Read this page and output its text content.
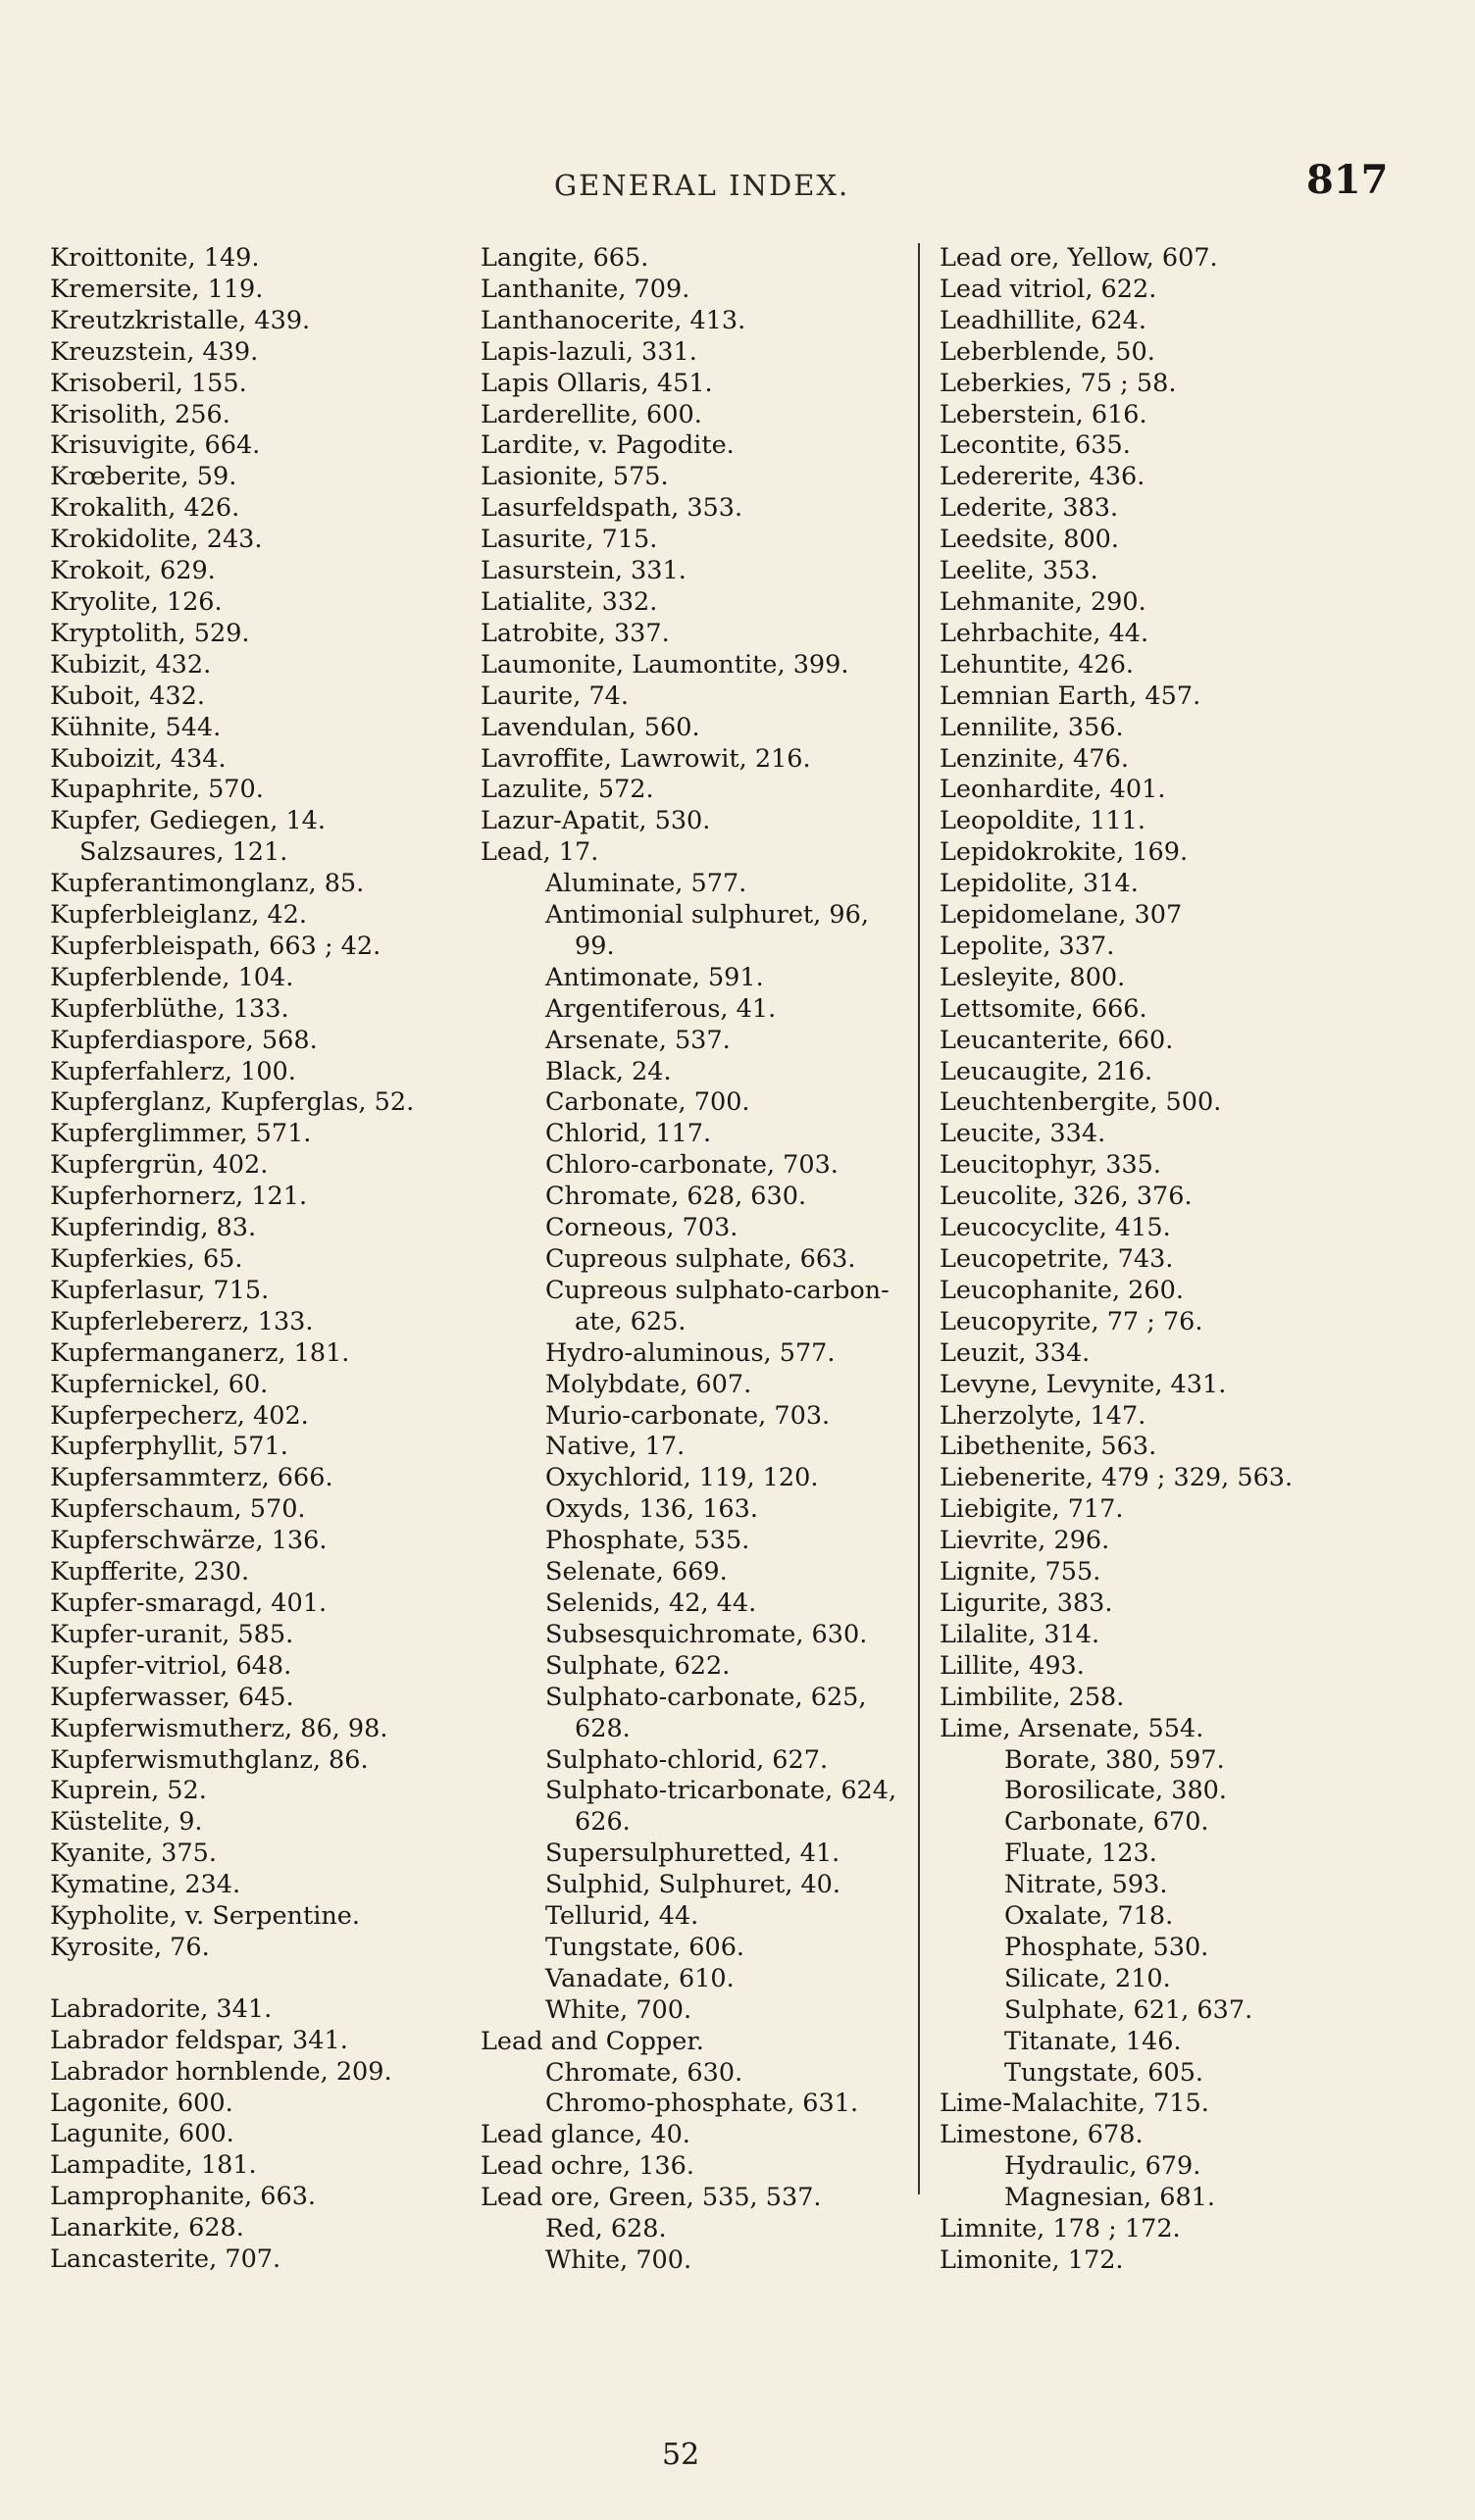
GENERAL INDEX.	817
Kroittonite, 149.
Kremersite, 119.
Kreutzkristalle, 439.
Kreuzstein, 439.
Krisoberil, 155.
Krisolith, 256.
Krisuvigite, 664.
Krœberite, 59.
Krokalith, 426.
Krokidolite, 243.
Krokoit, 629.
Kryolite, 126.
Kryptolith, 529.
Kubizit, 432.
Kuboit, 432.
Kühnite, 544.
Kuboizit, 434.
Kupaphrite, 570.
Kupfer, Gediegen, 14.
Salzsaures, 121.
Kupferantimonglanz, 85.
Kupferbleiglanz, 42.
Kupferbleispath, 663 ; 42.
Kupferblende, 104.
Kupferblüthe, 133.
Kupferdiaspore, 568.
Kupferfahlerz, 100.
Kupferglanz, Kupferglas, 52.
Kupferglimmer, 571.
Kupfergrün, 402.
Kupferhornerz, 121.
Kupferindig, 83.
Kupferkies, 65.
Kupferlasur, 715.
Kupferlebererz, 133.
Kupfermanganerz, 181.
Kupfernickel, 60.
Kupferpecherz, 402.
Kupferphyllit, 571.
Kupfersammterz, 666.
Kupferschaum, 570.
Kupferschwärze, 136.
Kupfferite, 230.
Kupfer-smaragd, 401.
Kupfer-uranit, 585.
Kupfer-vitriol, 648.
Kupferwasser, 645.
Kupferwismutherz, 86, 98.
Kupferwismuthglanz, 86.
Kuprein, 52.
Küstelite, 9.
Kyanite, 375.
Kymatine, 234.
Kypholite, v. Serpentine.
Kyrosite, 76.
Labradorite, 341.
Labrador feldspar, 341.
Labrador hornblende, 209.
Lagonite, 600.
Lagunite, 600.
Lampadite, 181.
Lamprophanite, 663.
Lanarkite, 628.
Lancasterite, 707.
Langite, 665.
Lanthanite, 709.
Lanthanocerite, 413.
Lapis-lazuli, 331.
Lapis Ollaris, 451.
Larderellite, 600.
Lardite, v. Pagodite.
Lasionite, 575.
Lasurfeldspath, 353.
Lasurite, 715.
Lasurstein, 331.
Latialite, 332.
Latrobite, 337.
Laumonite, Laumontite, 399.
Laurite, 74.
Lavendulan, 560.
Lavroffite, Lawrowit, 216.
Lazulite, 572.
Lazur-Apatit, 530.
Lead, 17.
Aluminate, 577.
Antimonial sulphuret, 96,
99.
Antimonate, 591.
Argentiferous, 41.
Arsenate, 537.
Black, 24.
Carbonate, 700.
Chlorid, 117.
Chloro-carbonate, 703.
Chromate, 628, 630.
Corneous, 703.
Cupreous sulphate, 663.
Cupreous sulphato-carbon-
ate, 625.
Hydro-aluminous, 577.
Molybdate, 607.
Murio-carbonate, 703.
Native, 17.
Oxychlorid, 119, 120.
Oxyds, 136, 163.
Phosphate, 535.
Selenate, 669.
Selenids, 42, 44.
Subsesquichromate, 630.
Sulphate, 622.
Sulphato-carbonate, 625,
628.
Sulphato-chlorid, 627.
Sulphato-tricarbonate, 624,
626.
Supersulphuretted, 41.
Sulphid, Sulphuret, 40.
Tellurid, 44.
Tungstate, 606.
Vanadate, 610.
White, 700.
Lead and Copper.
Chromate, 630.
Chromo-phosphate, 631.
Lead glance, 40.
Lead ochre, 136.
Lead ore, Green, 535, 537.
Red, 628.
White, 700.
Lead ore, Yellow, 607.
Lead vitriol, 622.
Leadhillite, 624.
Leberblende, 50.
Leberkies, 75 ; 58.
Leberstein, 616.
Lecontite, 635.
Ledererite, 436.
Lederite, 383.
Leedsite, 800.
Leelite, 353.
Lehmanite, 290.
Lehrbachite, 44.
Lehuntite, 426.
Lemnian Earth, 457.
Lennilite, 356.
Lenzinite, 476.
Leonhardite, 401.
Leopoldite, 111.
Lepidokrokite, 169.
Lepidolite, 314.
Lepidomelane, 307
Lepolite, 337.
Lesleyite, 800.
Lettsomite, 666.
Leucanterite, 660.
Leucaugite, 216.
Leuchtenbergite, 500.
Leucite, 334.
Leucitophyr, 335.
Leucolite, 326, 376.
Leucocyclite, 415.
Leucopetrite, 743.
Leucophanite, 260.
Leucopyrite, 77 ; 76.
Leuzit, 334.
Levyne, Levynite, 431.
Lherzolyte, 147.
Libethenite, 563.
Liebenerite, 479 ; 329, 563.
Liebigite, 717.
Lievrite, 296.
Lignite, 755.
Ligurite, 383.
Lilalite, 314.
Lillite, 493.
Limbilite, 258.
Lime, Arsenate, 554.
Borate, 380, 597.
Borosilicate, 380.
Carbonate, 670.
Fluate, 123.
Nitrate, 593.
Oxalate, 718.
Phosphate, 530.
Silicate, 210.
Sulphate, 621, 637.
Titanate, 146.
Tungstate, 605.
Lime-Malachite, 715.
Limestone, 678.
Hydraulic, 679.
Magnesian, 681.
Limnite, 178 ; 172.
Limonite, 172.
52
